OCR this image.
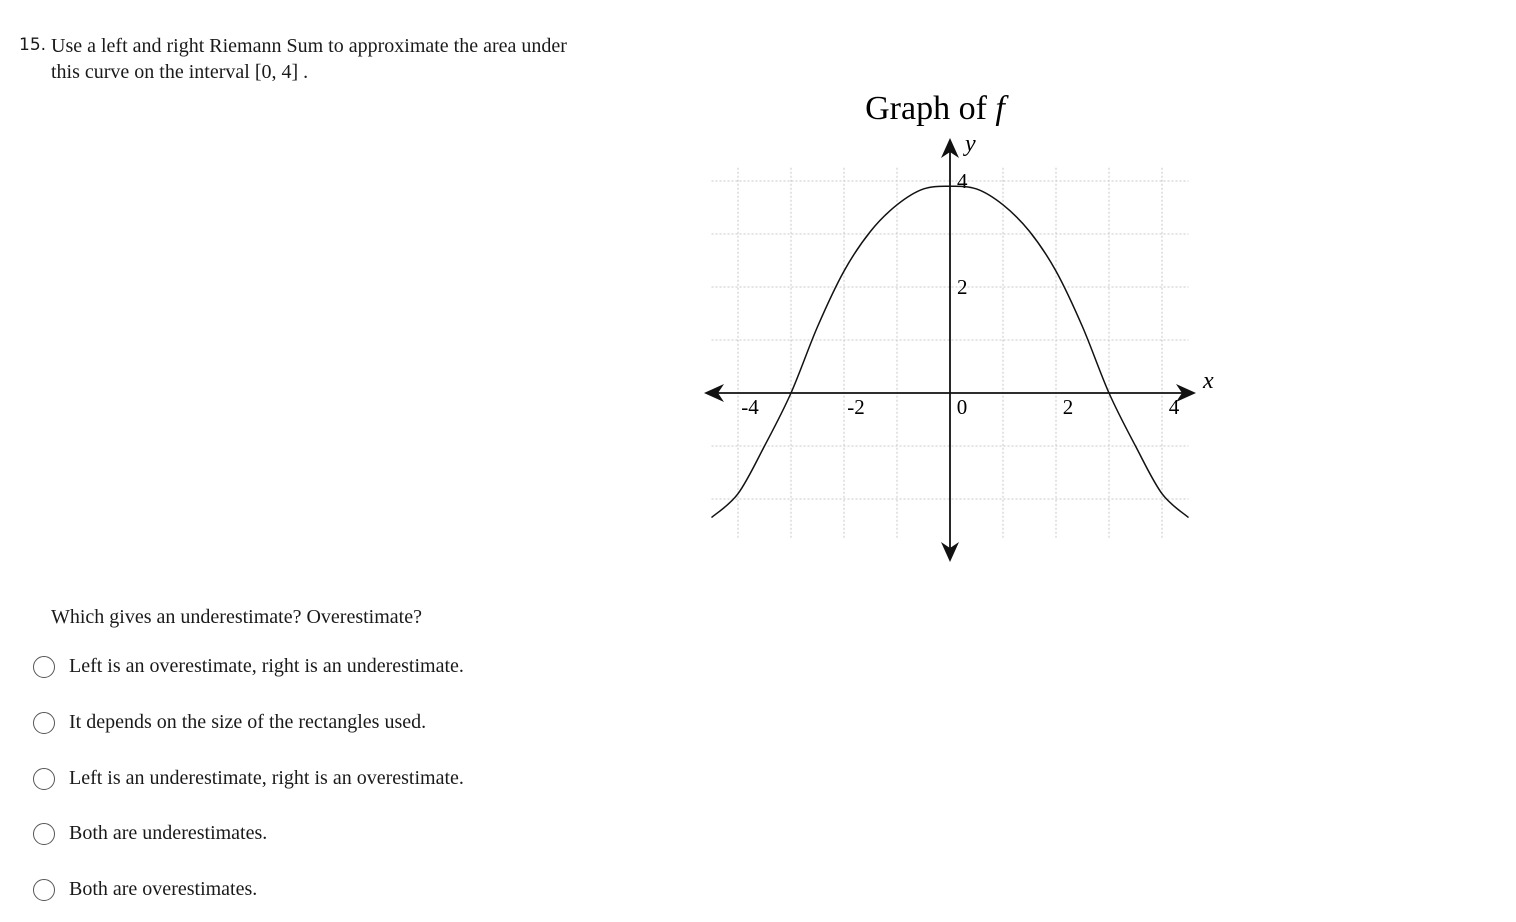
15. Use a left and right Riemann Sum to approximate the area under
this curve on the interval [0, 4] .
Graph of f
x
y
-4	-2	0	2	4
4
2
Which gives an underestimate? Overestimate?
Left is an overestimate, right is an underestimate.
It depends on the size of the rectangles used.
Left is an underestimate, right is an overestimate.
Both are underestimates.
Both are overestimates.
